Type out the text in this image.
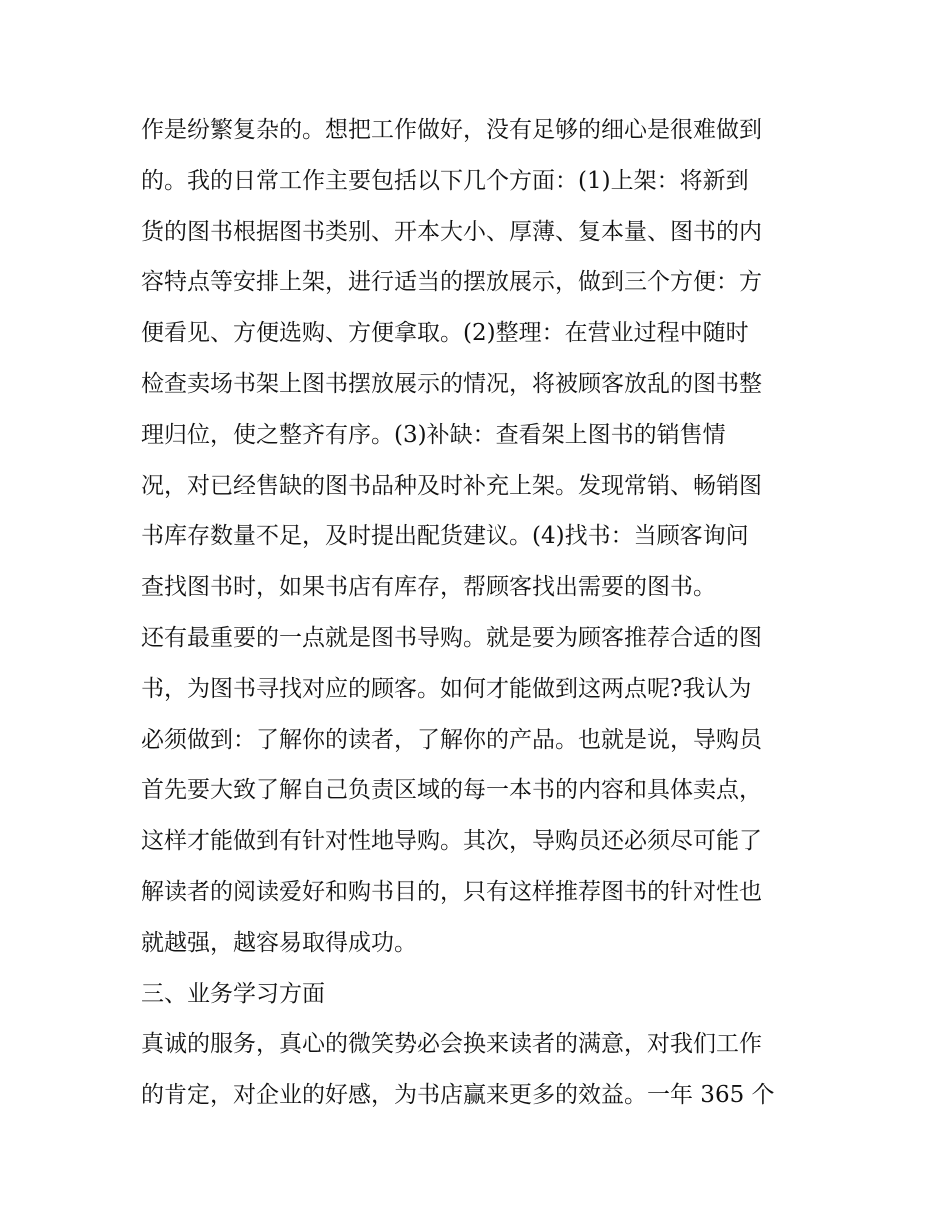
作是纷繁复杂的。想把工作做好，没有足够的细心是很难做到
的。我的日常工作主要包括以下几个方面：(1)上架：将新到
货的图书根据图书类别、开本大小、厚薄、复本量、图书的内
容特点等安排上架，进行适当的摆放展示，做到三个方便：方
便看见、方便选购、方便拿取。(2)整理：在营业过程中随时
检查卖场书架上图书摆放展示的情况，将被顾客放乱的图书整
理归位，使之整齐有序。(3)补缺：查看架上图书的销售情
况，对已经售缺的图书品种及时补充上架。发现常销、畅销图
书库存数量不足，及时提出配货建议。(4)找书：当顾客询问
查找图书时，如果书店有库存，帮顾客找出需要的图书。
还有最重要的一点就是图书导购。就是要为顾客推荐合适的图
书，为图书寻找对应的顾客。如何才能做到这两点呢?我认为
必须做到：了解你的读者，了解你的产品。也就是说，导购员
首先要大致了解自己负责区域的每一本书的内容和具体卖点，
这样才能做到有针对性地导购。其次，导购员还必须尽可能了
解读者的阅读爱好和购书目的，只有这样推荐图书的针对性也
就越强，越容易取得成功。
三、业务学习方面
真诚的服务，真心的微笑势必会换来读者的满意，对我们工作
的肯定，对企业的好感，为书店赢来更多的效益。一年 365 个
